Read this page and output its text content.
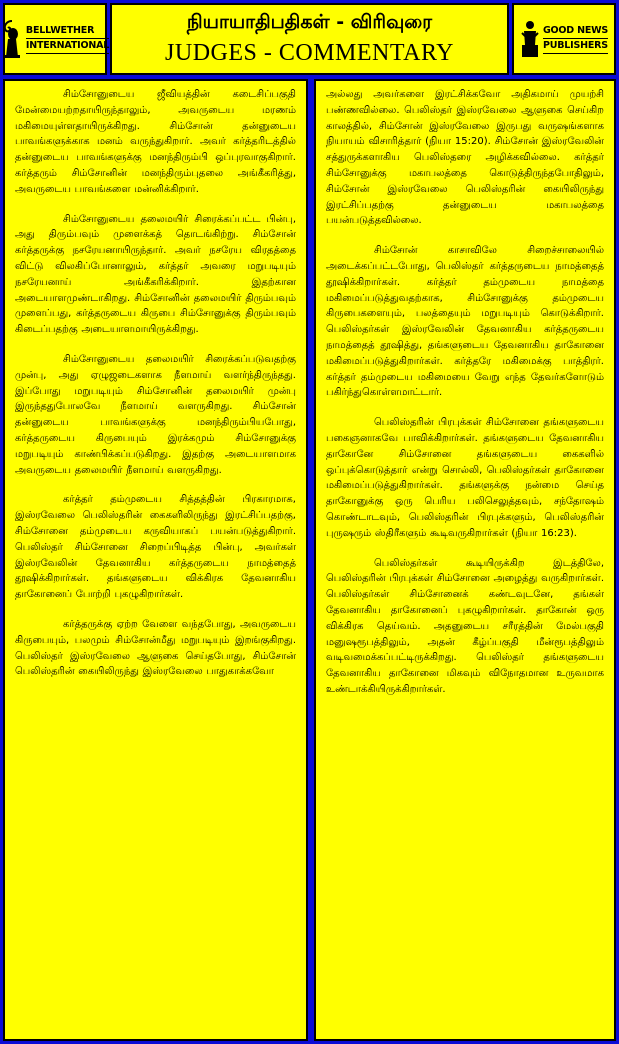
BELLWETHER
INTERNATIONAL
நியாயாதிபதிகள் - விரிவுரை
JUDGES - COMMENTARY
GOOD NEWS
PUBLISHERS

சிம்சோனுடைய ஜீவியத்தின் கடைசிப்பகுதி மேன்மையற்றதாயிருந்தாலும், அவருடைய மரணம் மகிமையுள்ளதாயிருக்கிறது. சிம்சோன் தன்னுடைய பாவங்களுக்காக மனம் வருந்துகிறார். அவர் கர்த்தரிடத்தில் தன்னுடைய பாவங்களுக்கு மனந்திரும்பி ஒப்புரவாகுகிறார். கர்த்தரும் சிம்சோனின் மனந்திரும்புதலை அங்கீகரித்து, அவருடைய பாவங்களை மன்னிக்கிறார்.

சிம்சோனுடைய தலைமயிர் சிரைக்கப்பட்ட பின்பு, அது திரும்பவும் முளைக்கத் தொடங்கிற்று. சிம்சோன் கர்த்தருக்கு நசரேயனாயிருந்தார். அவர் நசரேய விரதத்தை விட்டு விலகிப்போனாலும், கர்த்தர் அவரை மறுபடியும் நசரேயனாய் அங்கீகரிக்கிறார். இதற்கான அடையாளமுண்டாகிறது. சிம்சோனின் தலைமயிர் திரும்பவும் முளைப்பது, கர்த்தருடைய கிருபை சிம்சோனுக்கு திரும்பவும் கிடைப்பதற்கு அடையாளமாயிருக்கிறது.

சிம்சோனுடைய தலைமயிர் சிரைக்கப்படுவதற்கு முன்பு, அது ஏழுஜடைகளாக நீளமாய் வளர்ந்திருந்தது. இப்போது மறுபடியும் சிம்சோனின் தலைமயிர் முன்பு இருந்ததுபோலவே நீளமாய் வளருகிறது. சிம்சோன் தன்னுடைய பாவங்களுக்கு மனந்திரும்பியபோது, கர்த்தருடைய கிருபையும் இரக்கமும் சிம்சோனுக்கு மறுபடியும் காண்பிக்கப்படுகிறது. இதற்கு அடையாளமாக அவருடைய தலைமயிர் நீளமாய் வளருகிறது.

கர்த்தர் தம்முடைய சித்தத்தின் பிரகாரமாக, இஸ்ரவேலை பெலிஸ்தரின் கைகளிலிருந்து இரட்சிப்பதற்கு, சிம்சோனை தம்முடைய கருவியாகப் பயன்படுத்துகிறார். பெலிஸ்தர் சிம்சோனை சிறைப்பிடித்த பின்பு, அவர்கள் இஸ்ரவேலின் தேவனாகிய கர்த்தருடைய நாமத்தைத் தூஷிக்கிறார்கள். தங்களுடைய விக்கிரக தேவனாகிய தாகோனைப் போற்றி புகழுகிறார்கள்.

கர்த்தருக்கு ஏற்ற வேளை வந்தபோது, அவருடைய கிருபையும், பலமும் சிம்சோன்மீது மறுபடியும் இறங்குகிறது. பெலிஸ்தர் இஸ்ரவேலை ஆளுகை செய்தபோது, சிம்சோன் பெலிஸ்தரின் கையிலிருந்து இஸ்ரவேலை பாதுகாக்கவோ

அல்லது அவர்களை இரட்சிக்கவோ அதிகமாய் முயற்சி பண்ணவில்லை. பெலிஸ்தர் இஸ்ரவேலை ஆளுகை செய்கிற காலத்தில், சிம்சோன் இஸ்ரவேலை இருபது வருஷங்களாக நியாயம் விசாரித்தார் (நியா 15:20). சிம்சோன் இஸ்ரவேலின் சத்துருக்களாகிய பெலிஸ்தரை அழிக்கவில்லை. கர்த்தர் சிம்சோனுக்கு மகாபலத்தை கொடுத்திருந்தபோதிலும், சிம்சோன் இஸ்ரவேலை பெலிஸ்தரின் கையிலிருந்து இரட்சிப்பதற்கு தன்னுடைய மகாபலத்தை பயன்படுத்தவில்லை.

சிம்சோன் காசாவிலே சிறைச்சாலையில் அடைக்கப்பட்டபோது, பெலிஸ்தர் கர்த்தருடைய நாமத்தைத் தூஷிக்கிறார்கள். கர்த்தர் தம்முடைய நாமத்தை மகிமைப்படுத்துவதற்காக, சிம்சோனுக்கு தம்முடைய கிருபைகளையும், பலத்தையும் மறுபடியும் கொடுக்கிறார். பெலிஸ்தர்கள் இஸ்ரவேலின் தேவனாகிய கர்த்தருடைய நாமத்தைத் தூஷித்து, தங்களுடைய தேவனாகிய தாகோனை மகிமைப்படுத்துகிறார்கள். கர்த்தரே மகிமைக்கு பாத்திரர். கர்த்தர் தம்முடைய மகிமையை வேறு எந்த தேவர்களோடும் பகிர்ந்துகொள்ளமாட்டார்.

பெலிஸ்தரின் பிரபுக்கள் சிம்சோனை தங்களுடைய பகைஞனாகவே பாவிக்கிறார்கள். தங்களுடைய தேவனாகிய தாகோனே சிம்சோனை தங்களுடைய கைகளில் ஒப்புக்கொடுத்தார் என்று சொல்லி, பெலிஸ்தர்கள் தாகோனை மகிமைப்படுத்துகிறார்கள். தங்களுக்கு நன்மை செய்த தாகோனுக்கு ஒரு பெரிய பலிசெலுத்தவும், சந்தோஷம் கொண்டாடவும், பெலிஸ்தரின் பிரபுக்களும், பெலிஸ்தரின் புருஷரும் ஸ்திரீகளும் கூடிவருகிறார்கள் (நியா 16:23).

பெலிஸ்தர்கள் கூடியிருக்கிற இடத்திலே, பெலிஸ்தரின் பிரபுக்கள் சிம்சோனை அழைத்து வருகிறார்கள். பெலிஸ்தர்கள் சிம்சோனைக் கண்டவுடனே, தங்கள் தேவனாகிய தாகோனைப் புகழுகிறார்கள். தாகோன் ஒரு விக்கிரக தெய்வம். அதனுடைய சரீரத்தின் மேல்பகுதி மனுஷரூபத்திலும், அதன் கீழ்ப்பகுதி மீன்ரூபத்திலும் வடிவமைக்கப்பட்டிருக்கிறது. பெலிஸ்தர் தங்களுடைய தேவனாகிய தாகோனை மிகவும் விநோதமான உருவமாக உண்டாக்கியிருக்கிறார்கள்.
